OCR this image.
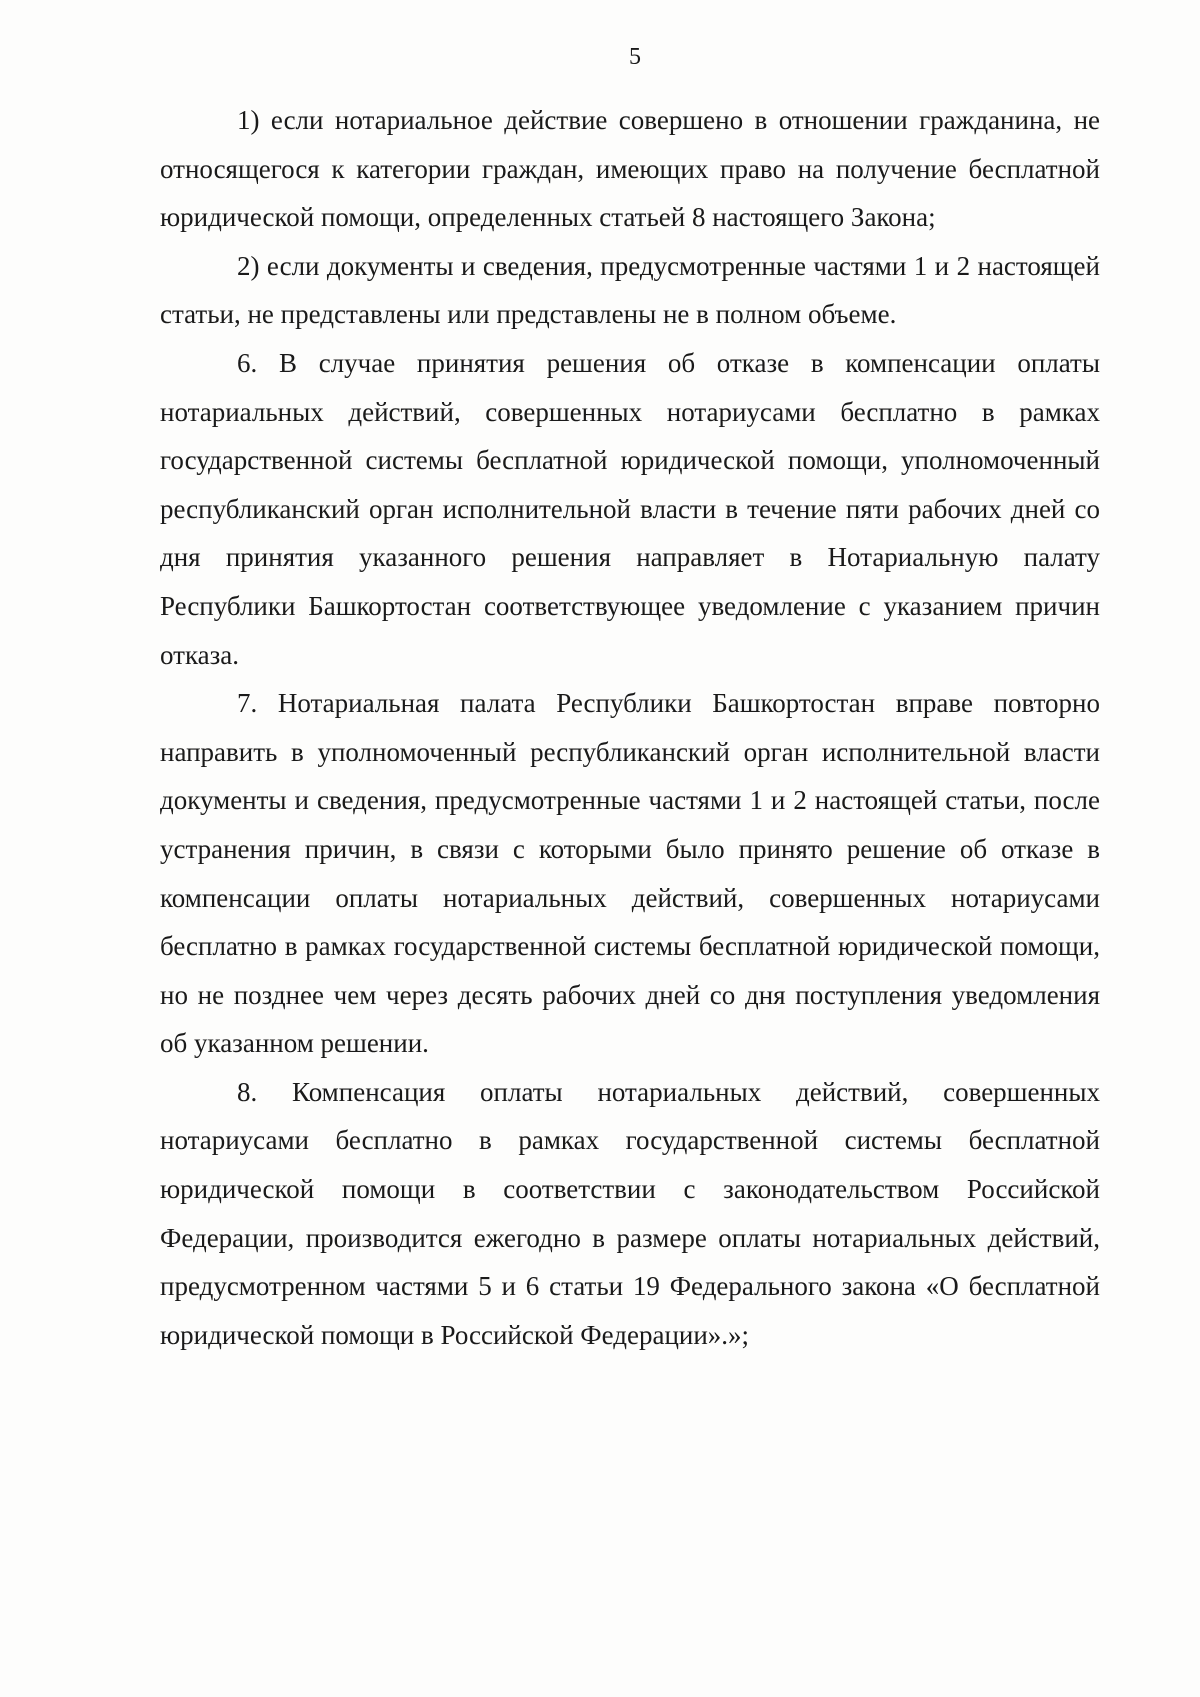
5

1) если нотариальное действие совершено в отношении гражданина, не относящегося к категории граждан, имеющих право на получение бесплатной юридической помощи, определенных статьей 8 настоящего Закона;

2) если документы и сведения, предусмотренные частями 1 и 2 настоящей статьи, не представлены или представлены не в полном объеме.

6. В случае принятия решения об отказе в компенсации оплаты нотариальных действий, совершенных нотариусами бесплатно в рамках государственной системы бесплатной юридической помощи, уполномоченный республиканский орган исполнительной власти в течение пяти рабочих дней со дня принятия указанного решения направляет в Нотариальную палату Республики Башкортостан соответствующее уведомление с указанием причин отказа.

7. Нотариальная палата Республики Башкортостан вправе повторно направить в уполномоченный республиканский орган исполнительной власти документы и сведения, предусмотренные частями 1 и 2 настоящей статьи, после устранения причин, в связи с которыми было принято решение об отказе в компенсации оплаты нотариальных действий, совершенных нотариусами бесплатно в рамках государственной системы бесплатной юридической помощи, но не позднее чем через десять рабочих дней со дня поступления уведомления об указанном решении.

8. Компенсация оплаты нотариальных действий, совершенных нотариусами бесплатно в рамках государственной системы бесплатной юридической помощи в соответствии с законодательством Российской Федерации, производится ежегодно в размере оплаты нотариальных действий, предусмотренном частями 5 и 6 статьи 19 Федерального закона «О бесплатной юридической помощи в Российской Федерации».»;
